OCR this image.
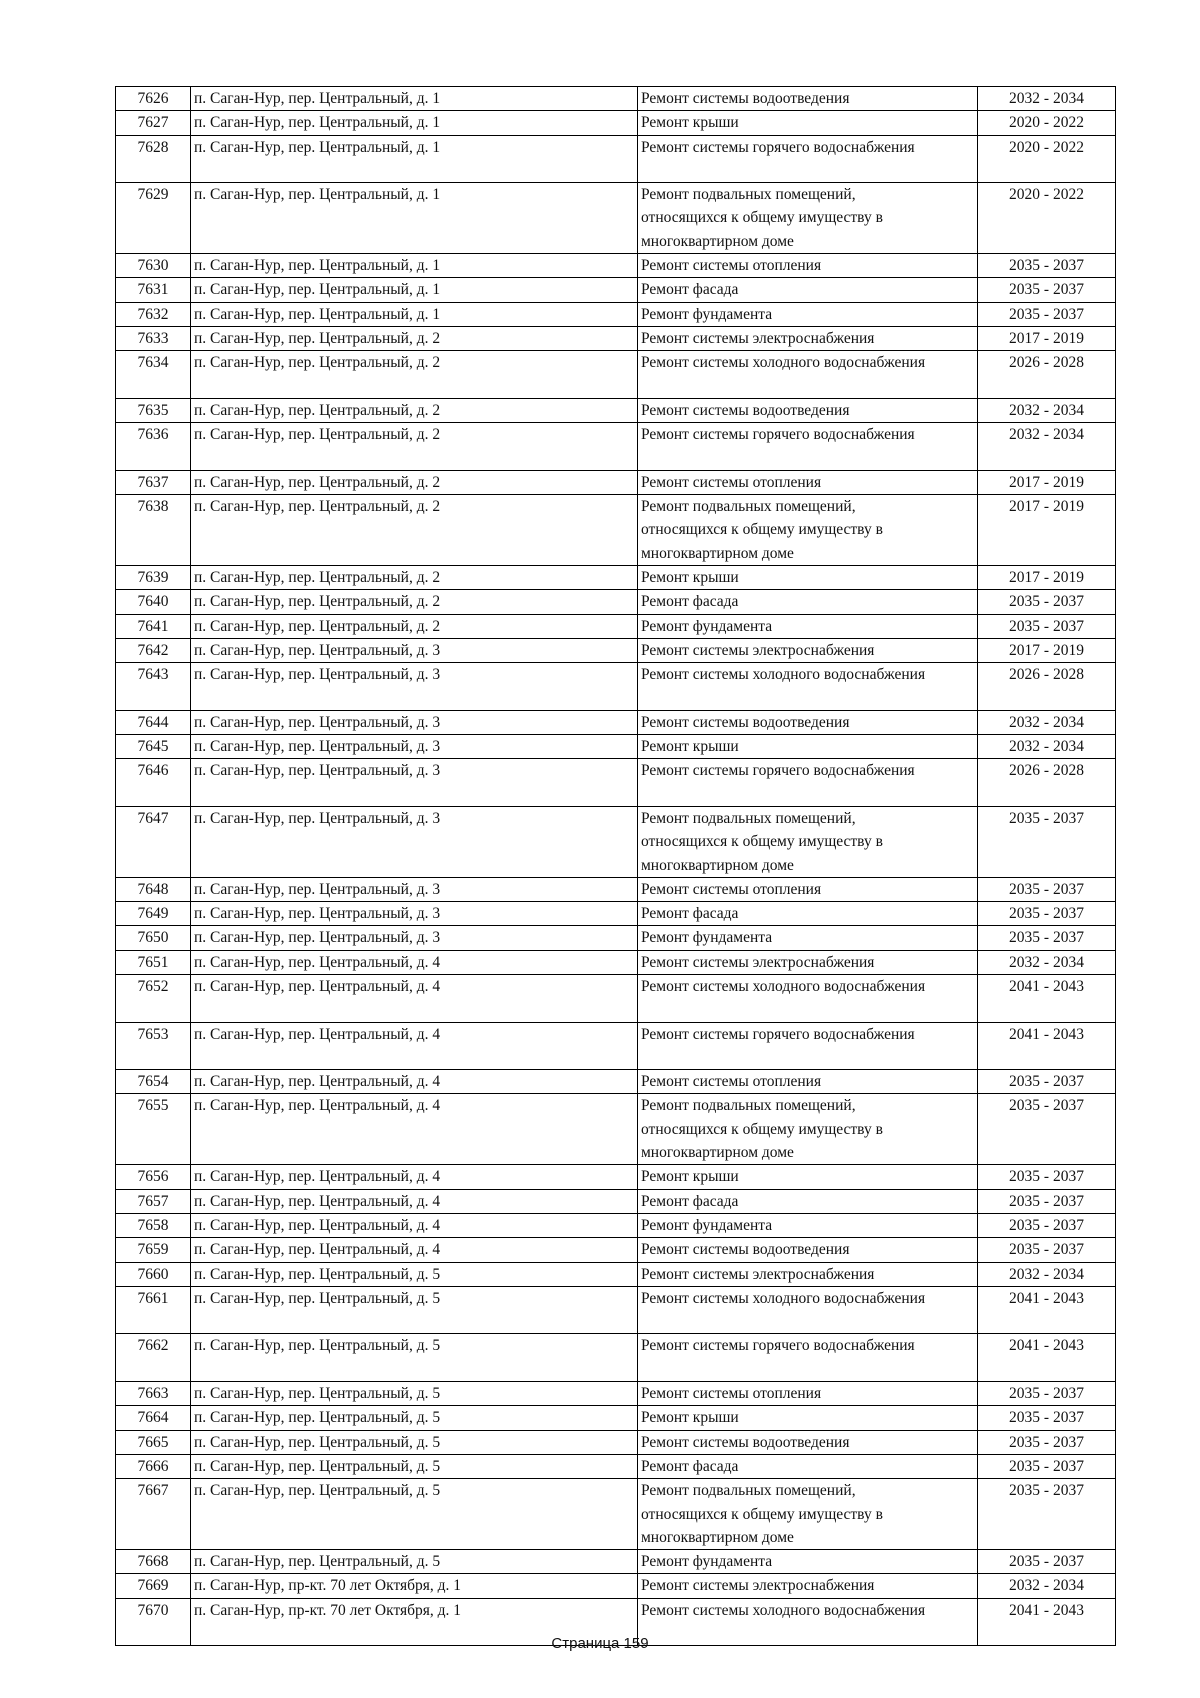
7626	п. Саган-Нур, пер. Центральный, д. 1	Ремонт системы водоотведения	2032 - 2034
7627	п. Саган-Нур, пер. Центральный, д. 1	Ремонт крыши	2020 - 2022
7628	п. Саган-Нур, пер. Центральный, д. 1	Ремонт системы горячего водоснабжения	2020 - 2022
7629	п. Саган-Нур, пер. Центральный, д. 1	Ремонт подвальных помещений,
относящихся к общему имуществу в
многоквартирном доме	2020 - 2022
7630	п. Саган-Нур, пер. Центральный, д. 1	Ремонт системы отопления	2035 - 2037
7631	п. Саган-Нур, пер. Центральный, д. 1	Ремонт фасада	2035 - 2037
7632	п. Саган-Нур, пер. Центральный, д. 1	Ремонт фундамента	2035 - 2037
7633	п. Саган-Нур, пер. Центральный, д. 2	Ремонт системы электроснабжения	2017 - 2019
7634	п. Саган-Нур, пер. Центральный, д. 2	Ремонт системы холодного водоснабжения	2026 - 2028
7635	п. Саган-Нур, пер. Центральный, д. 2	Ремонт системы водоотведения	2032 - 2034
7636	п. Саган-Нур, пер. Центральный, д. 2	Ремонт системы горячего водоснабжения	2032 - 2034
7637	п. Саган-Нур, пер. Центральный, д. 2	Ремонт системы отопления	2017 - 2019
7638	п. Саган-Нур, пер. Центральный, д. 2	Ремонт подвальных помещений,
относящихся к общему имуществу в
многоквартирном доме	2017 - 2019
7639	п. Саган-Нур, пер. Центральный, д. 2	Ремонт крыши	2017 - 2019
7640	п. Саган-Нур, пер. Центральный, д. 2	Ремонт фасада	2035 - 2037
7641	п. Саган-Нур, пер. Центральный, д. 2	Ремонт фундамента	2035 - 2037
7642	п. Саган-Нур, пер. Центральный, д. 3	Ремонт системы электроснабжения	2017 - 2019
7643	п. Саган-Нур, пер. Центральный, д. 3	Ремонт системы холодного водоснабжения	2026 - 2028
7644	п. Саган-Нур, пер. Центральный, д. 3	Ремонт системы водоотведения	2032 - 2034
7645	п. Саган-Нур, пер. Центральный, д. 3	Ремонт крыши	2032 - 2034
7646	п. Саган-Нур, пер. Центральный, д. 3	Ремонт системы горячего водоснабжения	2026 - 2028
7647	п. Саган-Нур, пер. Центральный, д. 3	Ремонт подвальных помещений,
относящихся к общему имуществу в
многоквартирном доме	2035 - 2037
7648	п. Саган-Нур, пер. Центральный, д. 3	Ремонт системы отопления	2035 - 2037
7649	п. Саган-Нур, пер. Центральный, д. 3	Ремонт фасада	2035 - 2037
7650	п. Саган-Нур, пер. Центральный, д. 3	Ремонт фундамента	2035 - 2037
7651	п. Саган-Нур, пер. Центральный, д. 4	Ремонт системы электроснабжения	2032 - 2034
7652	п. Саган-Нур, пер. Центральный, д. 4	Ремонт системы холодного водоснабжения	2041 - 2043
7653	п. Саган-Нур, пер. Центральный, д. 4	Ремонт системы горячего водоснабжения	2041 - 2043
7654	п. Саган-Нур, пер. Центральный, д. 4	Ремонт системы отопления	2035 - 2037
7655	п. Саган-Нур, пер. Центральный, д. 4	Ремонт подвальных помещений,
относящихся к общему имуществу в
многоквартирном доме	2035 - 2037
7656	п. Саган-Нур, пер. Центральный, д. 4	Ремонт крыши	2035 - 2037
7657	п. Саган-Нур, пер. Центральный, д. 4	Ремонт фасада	2035 - 2037
7658	п. Саган-Нур, пер. Центральный, д. 4	Ремонт фундамента	2035 - 2037
7659	п. Саган-Нур, пер. Центральный, д. 4	Ремонт системы водоотведения	2035 - 2037
7660	п. Саган-Нур, пер. Центральный, д. 5	Ремонт системы электроснабжения	2032 - 2034
7661	п. Саган-Нур, пер. Центральный, д. 5	Ремонт системы холодного водоснабжения	2041 - 2043
7662	п. Саган-Нур, пер. Центральный, д. 5	Ремонт системы горячего водоснабжения	2041 - 2043
7663	п. Саган-Нур, пер. Центральный, д. 5	Ремонт системы отопления	2035 - 2037
7664	п. Саган-Нур, пер. Центральный, д. 5	Ремонт крыши	2035 - 2037
7665	п. Саган-Нур, пер. Центральный, д. 5	Ремонт системы водоотведения	2035 - 2037
7666	п. Саган-Нур, пер. Центральный, д. 5	Ремонт фасада	2035 - 2037
7667	п. Саган-Нур, пер. Центральный, д. 5	Ремонт подвальных помещений,
относящихся к общему имуществу в
многоквартирном доме	2035 - 2037
7668	п. Саган-Нур, пер. Центральный, д. 5	Ремонт фундамента	2035 - 2037
7669	п. Саган-Нур, пр-кт. 70 лет Октября, д. 1	Ремонт системы электроснабжения	2032 - 2034
7670	п. Саган-Нур, пр-кт. 70 лет Октября, д. 1	Ремонт системы холодного водоснабжения	2041 - 2043
Страница 159
